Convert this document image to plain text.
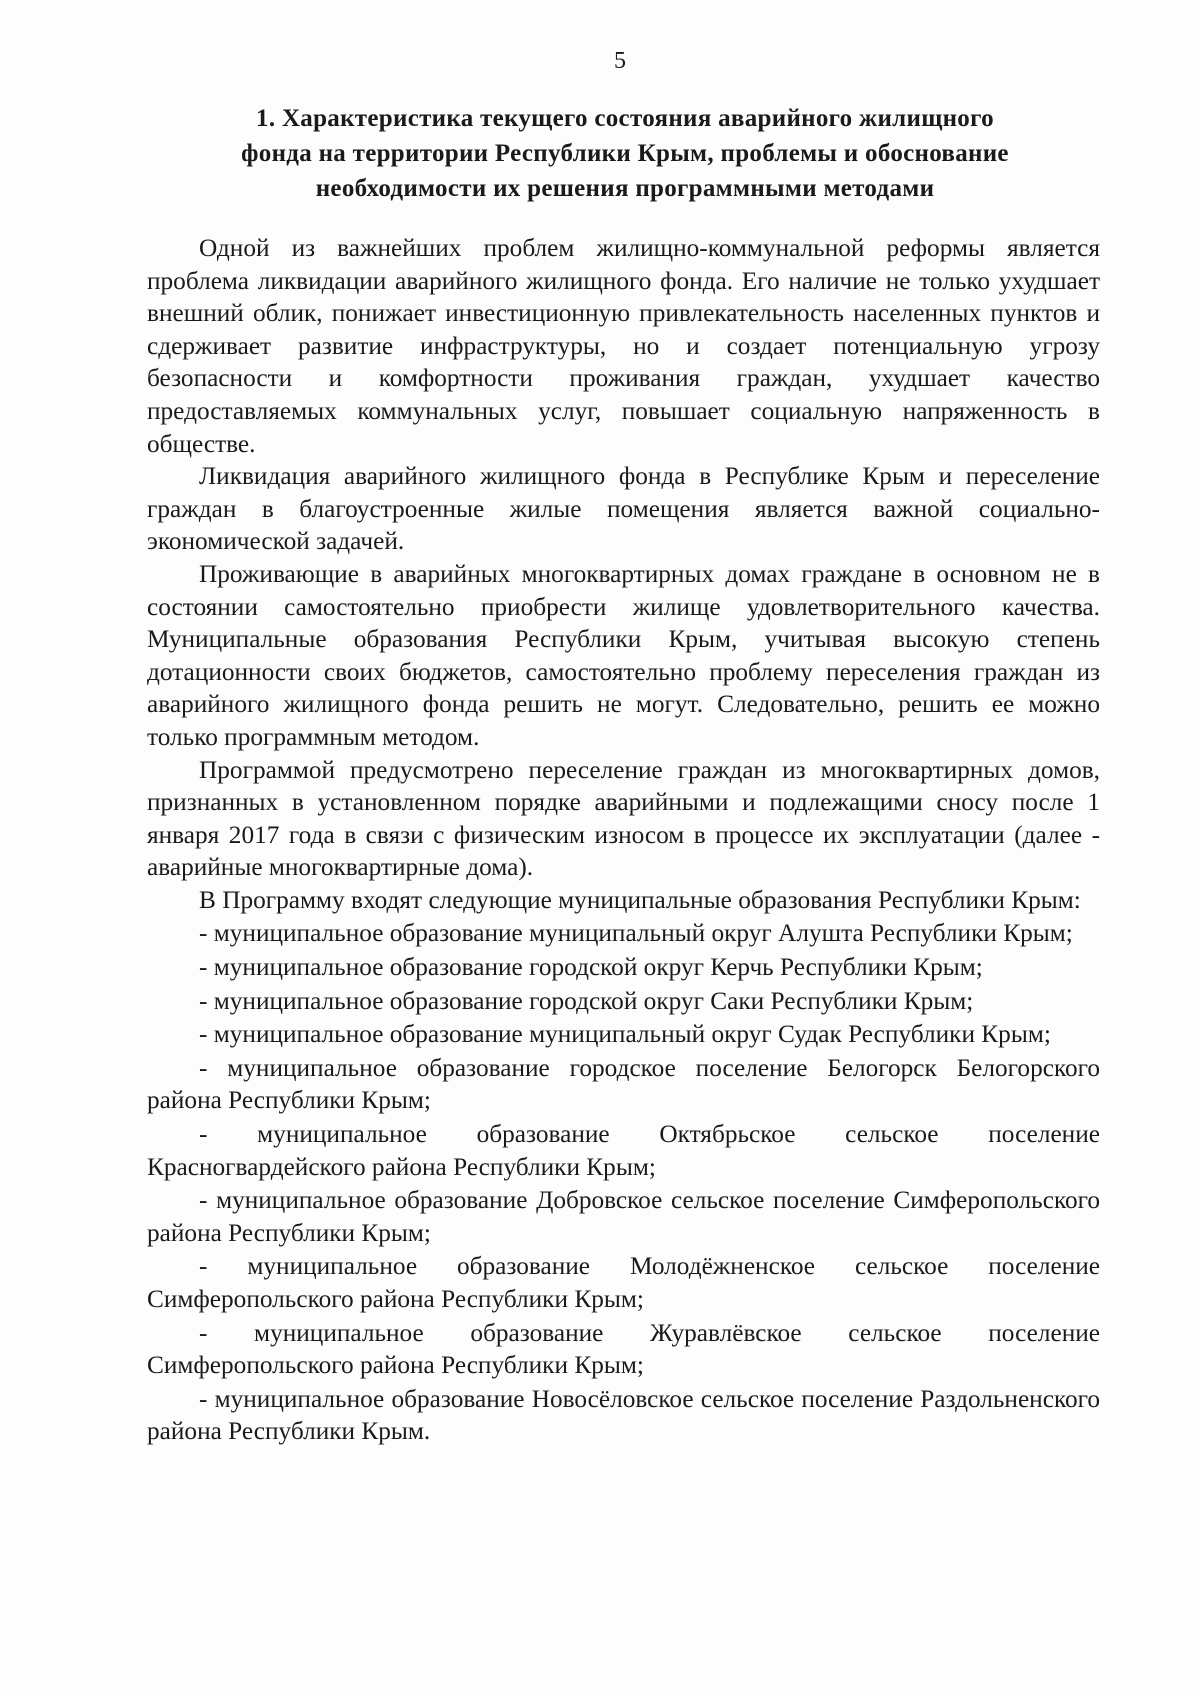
5
1. Характеристика текущего состояния аварийного жилищного
фонда на территории Республики Крым, проблемы и обоснование
необходимости их решения программными методами

Одной из важнейших проблем жилищно-коммунальной реформы является проблема ликвидации аварийного жилищного фонда. Его наличие не только ухудшает внешний облик, понижает инвестиционную привлекательность населенных пунктов и сдерживает развитие инфраструктуры, но и создает потенциальную угрозу безопасности и комфортности проживания граждан, ухудшает качество предоставляемых коммунальных услуг, повышает социальную напряженность в обществе.

Ликвидация аварийного жилищного фонда в Республике Крым и переселение граждан в благоустроенные жилые помещения является важной социально-экономической задачей.

Проживающие в аварийных многоквартирных домах граждане в основном не в состоянии самостоятельно приобрести жилище удовлетворительного качества. Муниципальные образования Республики Крым, учитывая высокую степень дотационности своих бюджетов, самостоятельно проблему переселения граждан из аварийного жилищного фонда решить не могут. Следовательно, решить ее можно только программным методом.

Программой предусмотрено переселение граждан из многоквартирных домов, признанных в установленном порядке аварийными и подлежащими сносу после 1 января 2017 года в связи с физическим износом в процессе их эксплуатации (далее - аварийные многоквартирные дома).

В Программу входят следующие муниципальные образования Республики Крым:

- муниципальное образование муниципальный округ Алушта Республики Крым;

- муниципальное образование городской округ Керчь Республики Крым;

- муниципальное образование городской округ Саки Республики Крым;

- муниципальное образование муниципальный округ Судак Республики Крым;

- муниципальное образование городское поселение Белогорск Белогорского района Республики Крым;

- муниципальное образование Октябрьское сельское поселение Красногвардейского района Республики Крым;

- муниципальное образование Добровское сельское поселение Симферопольского района Республики Крым;

- муниципальное образование Молодёжненское сельское поселение Симферопольского района Республики Крым;

- муниципальное образование Журавлёвское сельское поселение Симферопольского района Республики Крым;

- муниципальное образование Новосёловское сельское поселение Раздольненского района Республики Крым.
